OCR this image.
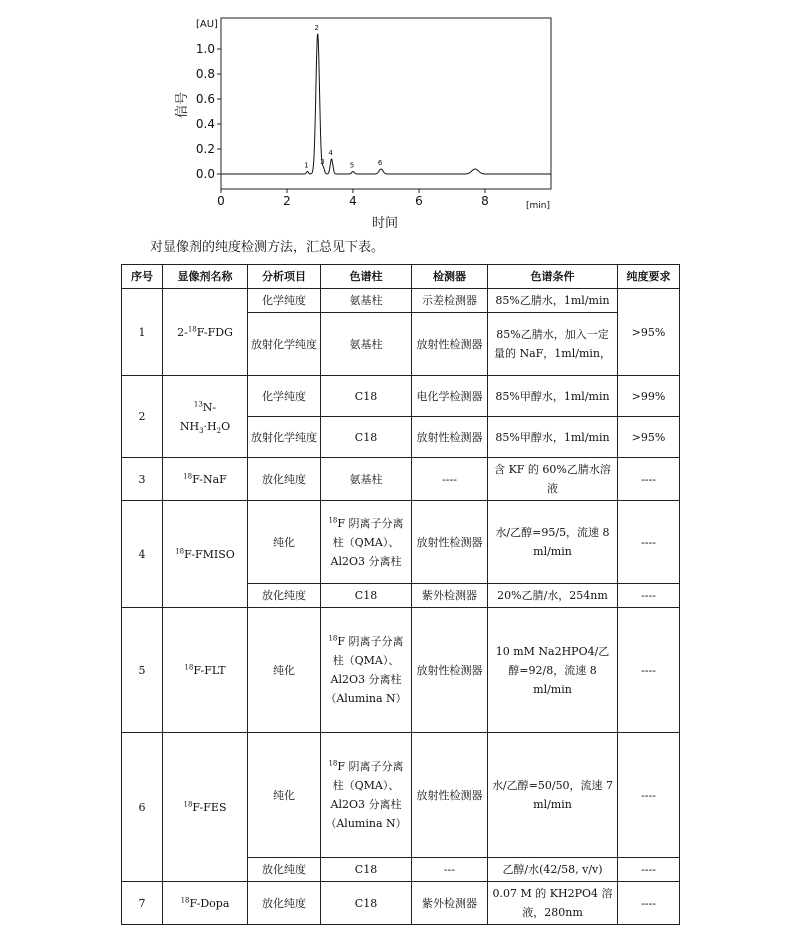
0	2	4	6	8
0.0
0.2
0.4
0.6
0.8
1.0
1
2
3
4
5	6
[AU]
[min]
时间
信号
对显像剂的纯度检测方法，汇总见下表。
序号	显像剂名称	分析项目	色谱柱	检测器	色谱条件	纯度要求
1	2-$^{18}$F-FDG	化学纯度	氨基柱	示差检测器	85%乙腈水，1ml/min	>95%
		放射化学纯度	氨基柱	放射性检测器	85%乙腈水，加入一定量的 NaF，1ml/min，	
2	$^{13}$N-
$NH_3\cdot H_2O$	化学纯度	C18	电化学检测器	85%甲醇水，1ml/min	>99%
		放射化学纯度	C18	放射性检测器	85%甲醇水，1ml/min	>95%
3	$^{18}$F-NaF	放化纯度	氨基柱	----	含 KF 的 60%乙腈水溶液	----
4	$^{18}$F-FMISO	纯化	$^{18}$F 阴离子分离柱（QMA）、Al2O3 分离柱	放射性检测器	水/乙醇=95/5，流速 8 ml/min	----
		放化纯度	C18	紫外检测器	20%乙腈/水，254nm	----
5	$^{18}$F-FLT	纯化	$^{18}$F 阴离子分离柱（QMA）、Al2O3 分离柱（Alumina N）	放射性检测器	10 mM Na2HPO4/乙醇=92/8，流速 8 ml/min	----
6	$^{18}$F-FES	纯化	$^{18}$F 阴离子分离柱（QMA）、Al2O3 分离柱（Alumina N）	放射性检测器	水/乙醇=50/50，流速 7 ml/min	----
		放化纯度	C18	---	乙醇/水(42/58, v/v)	----
7	$^{18}$F-Dopa	放化纯度	C18	紫外检测器	0.07 M 的 KH2PO4 溶液，280nm	----
